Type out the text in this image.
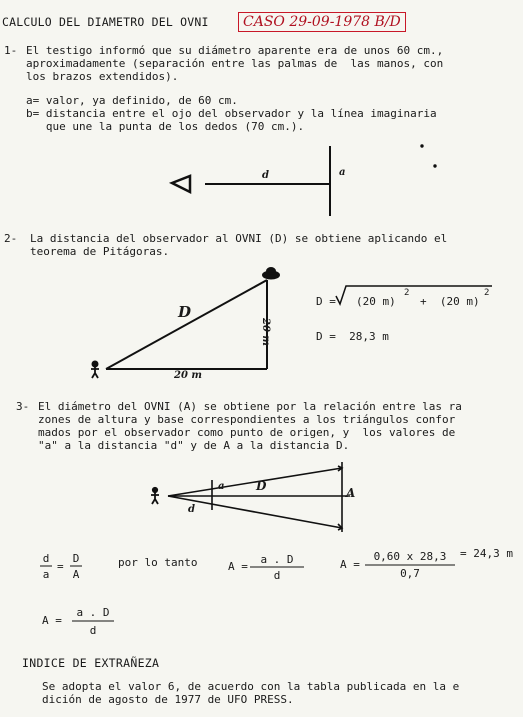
CALCULO DEL DIAMETRO DEL OVNI	CASO 29-09-1978 B/D
1- El testigo informó que su diámetro aparente era de unos 60 cm.,
aproximadamente (separación entre las palmas de  las manos, con
los brazos extendidos).
a= valor, ya definido, de 60 cm.
b= distancia entre el ojo del observador y la línea imaginaria
que une la punta de los dedos (70 cm.).
d	a
2- La distancia del observador al OVNI (D) se obtiene aplicando el
teorema de Pitágoras.
D
20 m
20 m
D = (20 m)
2
+  (20 m)
2
D =  28,3 m
3- El diámetro del OVNI (A) se obtiene por la relación entre las ra
zones de altura y base correspondientes a los triángulos confor
mados por el observador como punto de origen, y  los valores de
"a" a la distancia "d" y de A a la distancia D.
a	D	A
d
d
a
=
D
A
por lo tanto	A =
a . D
d
A =
0,60 x 28,3
0,7
= 24,3 m
A =
a . D
d
INDICE DE EXTRAÑEZA
Se adopta el valor 6, de acuerdo con la tabla publicada en la e
dición de agosto de 1977 de UFO PRESS.
